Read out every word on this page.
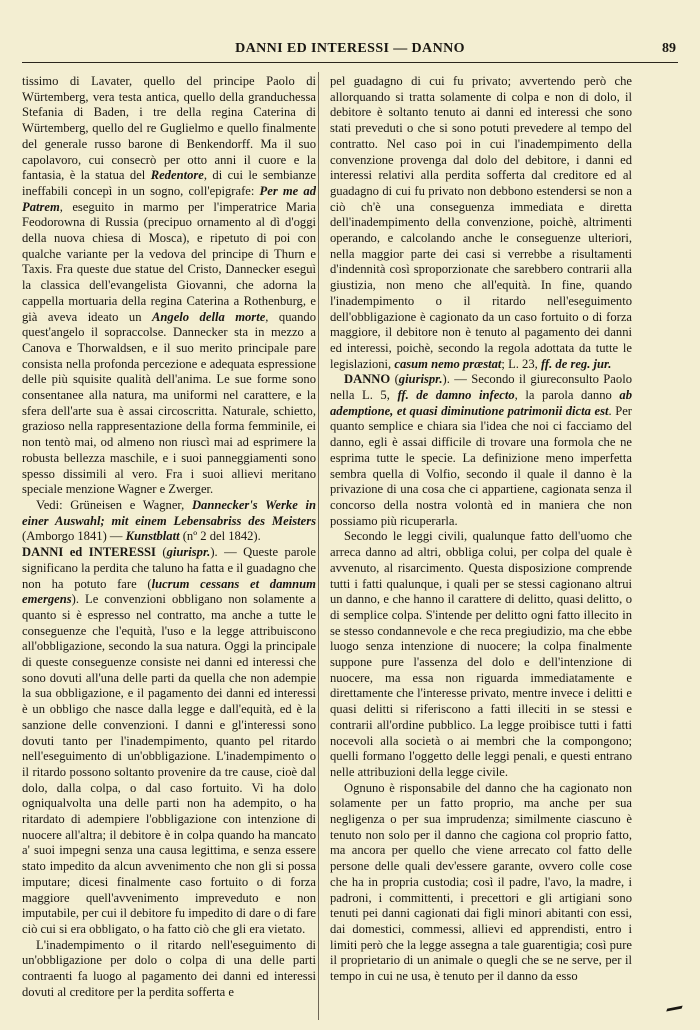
DANNI ED INTERESSI — DANNO	89

tissimo di Lavater, quello del principe Paolo di Würtemberg, vera testa antica, quello della granduchessa Stefania di Baden, i tre della regina Caterina di Würtemberg, quello del re Guglielmo e quello finalmente del generale russo barone di Benkendorff. Ma il suo capolavoro, cui consecrò per otto anni il cuore e la fantasia, è la statua del Redentore, di cui le sembianze ineffabili concepì in un sogno, coll'epigrafe: Per me ad Patrem, eseguito in marmo per l'imperatrice Maria Feodorowna di Russia (precipuo ornamento al dì d'oggi della nuova chiesa di Mosca), e ripetuto di poi con qualche variante per la vedova del principe di Thurn e Taxis. Fra queste due statue del Cristo, Dannecker eseguì la classica dell'evangelista Giovanni, che adorna la cappella mortuaria della regina Caterina a Rothenburg, e già aveva ideato un Angelo della morte, quando quest'angelo il sopraccolse. Dannecker sta in mezzo a Canova e Thorwaldsen, e il suo merito principale pare consista nella profonda percezione e adequata espressione delle più squisite qualità dell'anima. Le sue forme sono consentanee alla natura, ma uniformi nel carattere, e la sfera dell'arte sua è assai circoscritta. Naturale, schietto, grazioso nella rappresentazione della forma femminile, ei non tentò mai, od almeno non riuscì mai ad esprimere la robusta bellezza maschile, e i suoi panneggiamenti sono spesso dissimili al vero. Fra i suoi allievi meritano speciale menzione Wagner e Zwerger.

Vedi: Grüneisen e Wagner, Dannecker's Werke in einer Auswahl; mit einem Lebensabriss des Meisters (Amborgo 1841) — Kunstblatt (nº 2 del 1842).

DANNI ed INTERESSI (giurispr.). — Queste parole significano la perdita che taluno ha fatta e il guadagno che non ha potuto fare (lucrum cessans et damnum emergens). Le convenzioni obbligano non solamente a quanto si è espresso nel contratto, ma anche a tutte le conseguenze che l'equità, l'uso e la legge attribuiscono all'obbligazione, secondo la sua natura. Oggi la principale di queste conseguenze consiste nei danni ed interessi che sono dovuti all'una delle parti da quella che non adempie la sua obbligazione, e il pagamento dei danni ed interessi è un obbligo che nasce dalla legge e dall'equità, ed è la sanzione delle convenzioni. I danni e gl'interessi sono dovuti tanto per l'inadempimento, quanto pel ritardo nell'eseguimento di un'obbligazione. L'inadempimento o il ritardo possono soltanto provenire da tre cause, cioè dal dolo, dalla colpa, o dal caso fortuito. Vi ha dolo ogniqualvolta una delle parti non ha adempito, o ha ritardato di adempiere l'obbligazione con intenzione di nuocere all'altra; il debitore è in colpa quando ha mancato a' suoi impegni senza una causa legittima, e senza essere stato impedito da alcun avvenimento che non gli si possa imputare; dicesi finalmente caso fortuito o di forza maggiore quell'avvenimento impreveduto e non imputabile, per cui il debitore fu impedito di dare o di fare ciò cui si era obbligato, o ha fatto ciò che gli era vietato.

L'inadempimento o il ritardo nell'eseguimento di un'obbligazione per dolo o colpa di una delle parti contraenti fa luogo al pagamento dei danni ed interessi dovuti al creditore per la perdita sofferta e

pel guadagno di cui fu privato; avvertendo però che allorquando si tratta solamente di colpa e non di dolo, il debitore è soltanto tenuto ai danni ed interessi che sono stati preveduti o che si sono potuti prevedere al tempo del contratto. Nel caso poi in cui l'inadempimento della convenzione provenga dal dolo del debitore, i danni ed interessi relativi alla perdita sofferta dal creditore ed al guadagno di cui fu privato non debbono estendersi se non a ciò ch'è una conseguenza immediata e diretta dell'inadempimento della convenzione, poichè, altrimenti operando, e calcolando anche le conseguenze ulteriori, nella maggior parte dei casi si verrebbe a risultamenti d'indennità così sproporzionate che sarebbero contrarii alla giustizia, non meno che all'equità. In fine, quando l'inadempimento o il ritardo nell'eseguimento dell'obbligazione è cagionato da un caso fortuito o di forza maggiore, il debitore non è tenuto al pagamento dei danni ed interessi, poichè, secondo la regola adottata da tutte le legislazioni, casum nemo præstat; L. 23, ff. de reg. jur.

DANNO (giurispr.). — Secondo il giureconsulto Paolo nella L. 5, ff. de damno infecto, la parola danno ab ademptione, et quasi diminutione patrimonii dicta est. Per quanto semplice e chiara sia l'idea che noi ci facciamo del danno, egli è assai difficile di trovare una formola che ne esprima tutte le specie. La definizione meno imperfetta sembra quella di Volfio, secondo il quale il danno è la privazione di una cosa che ci appartiene, cagionata senza il concorso della nostra volontà ed in maniera che non possiamo più ricuperarla.

Secondo le leggi civili, qualunque fatto dell'uomo che arreca danno ad altri, obbliga colui, per colpa del quale è avvenuto, al risarcimento. Questa disposizione comprende tutti i fatti qualunque, i quali per se stessi cagionano altrui un danno, e che hanno il carattere di delitto, quasi delitto, o di semplice colpa. S'intende per delitto ogni fatto illecito in se stesso condannevole e che reca pregiudizio, ma che ebbe luogo senza intenzione di nuocere; la colpa finalmente suppone pure l'assenza del dolo e dell'intenzione di nuocere, ma essa non riguarda immediatamente e direttamente che l'interesse privato, mentre invece i delitti e quasi delitti si riferiscono a fatti illeciti in se stessi e contrarii all'ordine pubblico. La legge proibisce tutti i fatti nocevoli alla società o ai membri che la compongono; quelli formano l'oggetto delle leggi penali, e questi entrano nelle attribuzioni della legge civile.

Ognuno è risponsabile del danno che ha cagionato non solamente per un fatto proprio, ma anche per sua negligenza o per sua imprudenza; similmente ciascuno è tenuto non solo per il danno che cagiona col proprio fatto, ma ancora per quello che viene arrecato col fatto delle persone delle quali dev'essere garante, ovvero colle cose che ha in propria custodia; così il padre, l'avo, la madre, i padroni, i committenti, i precettori e gli artigiani sono tenuti pei danni cagionati dai figli minori abitanti con essi, dai domestici, commessi, allievi ed apprendisti, entro i limiti però che la legge assegna a tale guarentigia; così pure il proprietario di un animale o quegli che se ne serve, per il tempo in cui ne usa, è tenuto per il danno da esso
